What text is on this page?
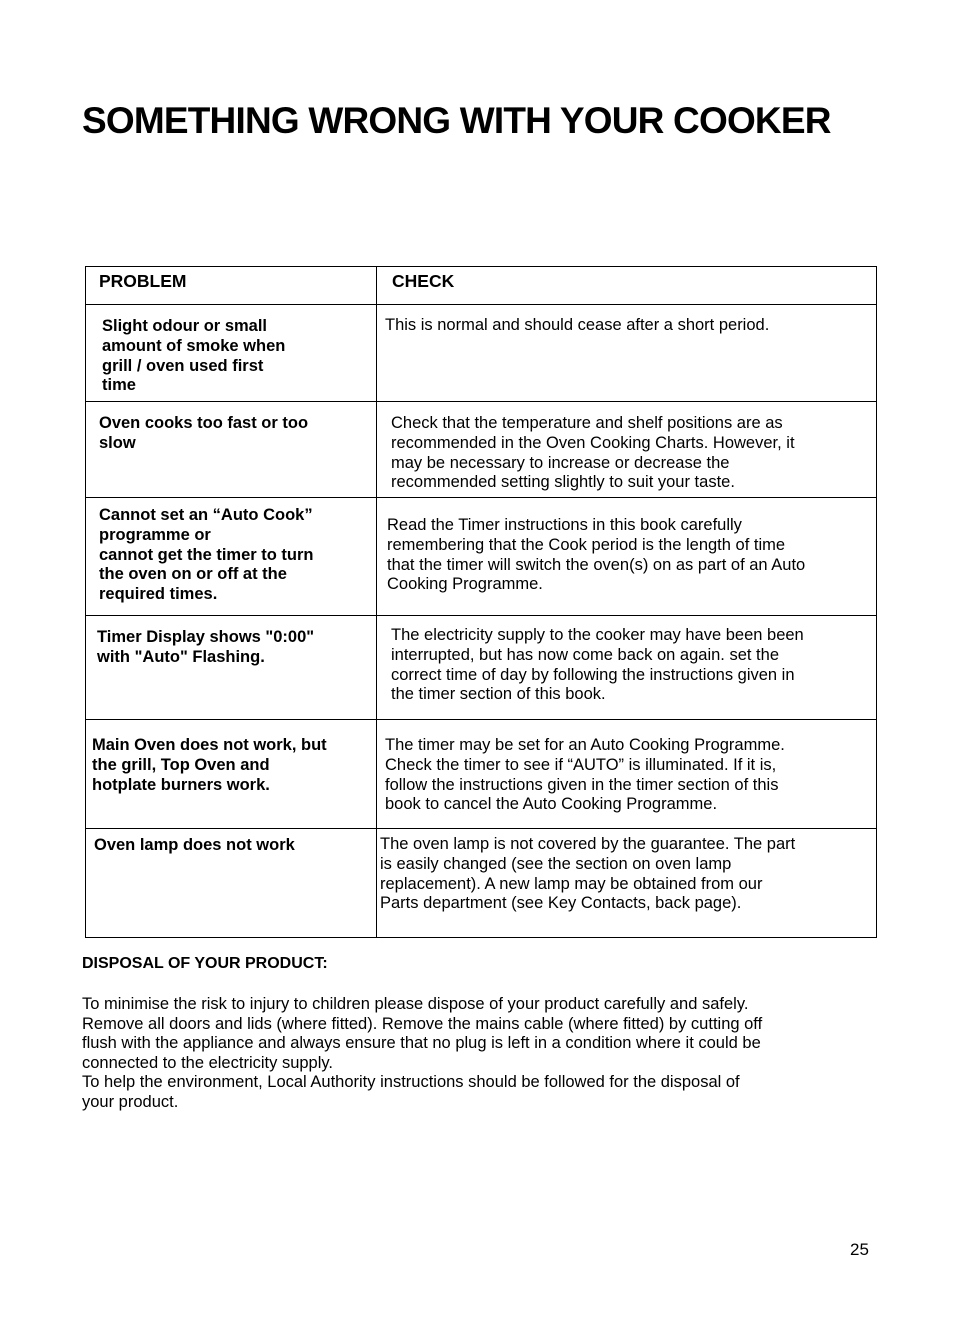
SOMETHING WRONG WITH YOUR COOKER
PROBLEM	CHECK
Slight odour or small
amount of smoke when
grill / oven used first
time
This is normal and should cease after a short period.
Oven cooks too fast or too
slow
Check that the temperature and shelf positions are as
recommended in the Oven Cooking Charts. However, it
may be necessary to increase or decrease the
recommended setting slightly to suit your taste.
Cannot set an “Auto Cook”
programme or
cannot get the timer to turn
the oven on or off at the
required times.
Read the Timer instructions in this book carefully
remembering that the Cook period is the length of time
that the timer will switch the oven(s) on as part of an Auto
Cooking Programme.
Timer Display shows "0:00"
with "Auto" Flashing.
The electricity supply to the cooker may have been been
interrupted, but has now come back on again. set the
correct time of day by following the instructions given in
the timer section of this book.
Main Oven does not work, but
the grill, Top Oven and
hotplate burners work.
The timer may be set for an Auto Cooking Programme.
Check the timer to see if “AUTO” is illuminated. If it is,
follow the instructions given in the timer section of this
book to cancel the Auto Cooking Programme.
Oven lamp does not work	The oven lamp is not covered by the guarantee. The part
is easily changed (see the section on oven lamp
replacement). A new lamp may be obtained from our
Parts department (see Key Contacts, back page).
DISPOSAL OF YOUR PRODUCT:
To minimise the risk to injury to children please dispose of your product carefully and safely.
Remove all doors and lids (where fitted). Remove the mains cable (where fitted) by cutting off
flush with the appliance and always ensure that no plug is left in a condition where it could be
connected to the electricity supply.
To help the environment, Local Authority instructions should be followed for the disposal of
your product.
25
